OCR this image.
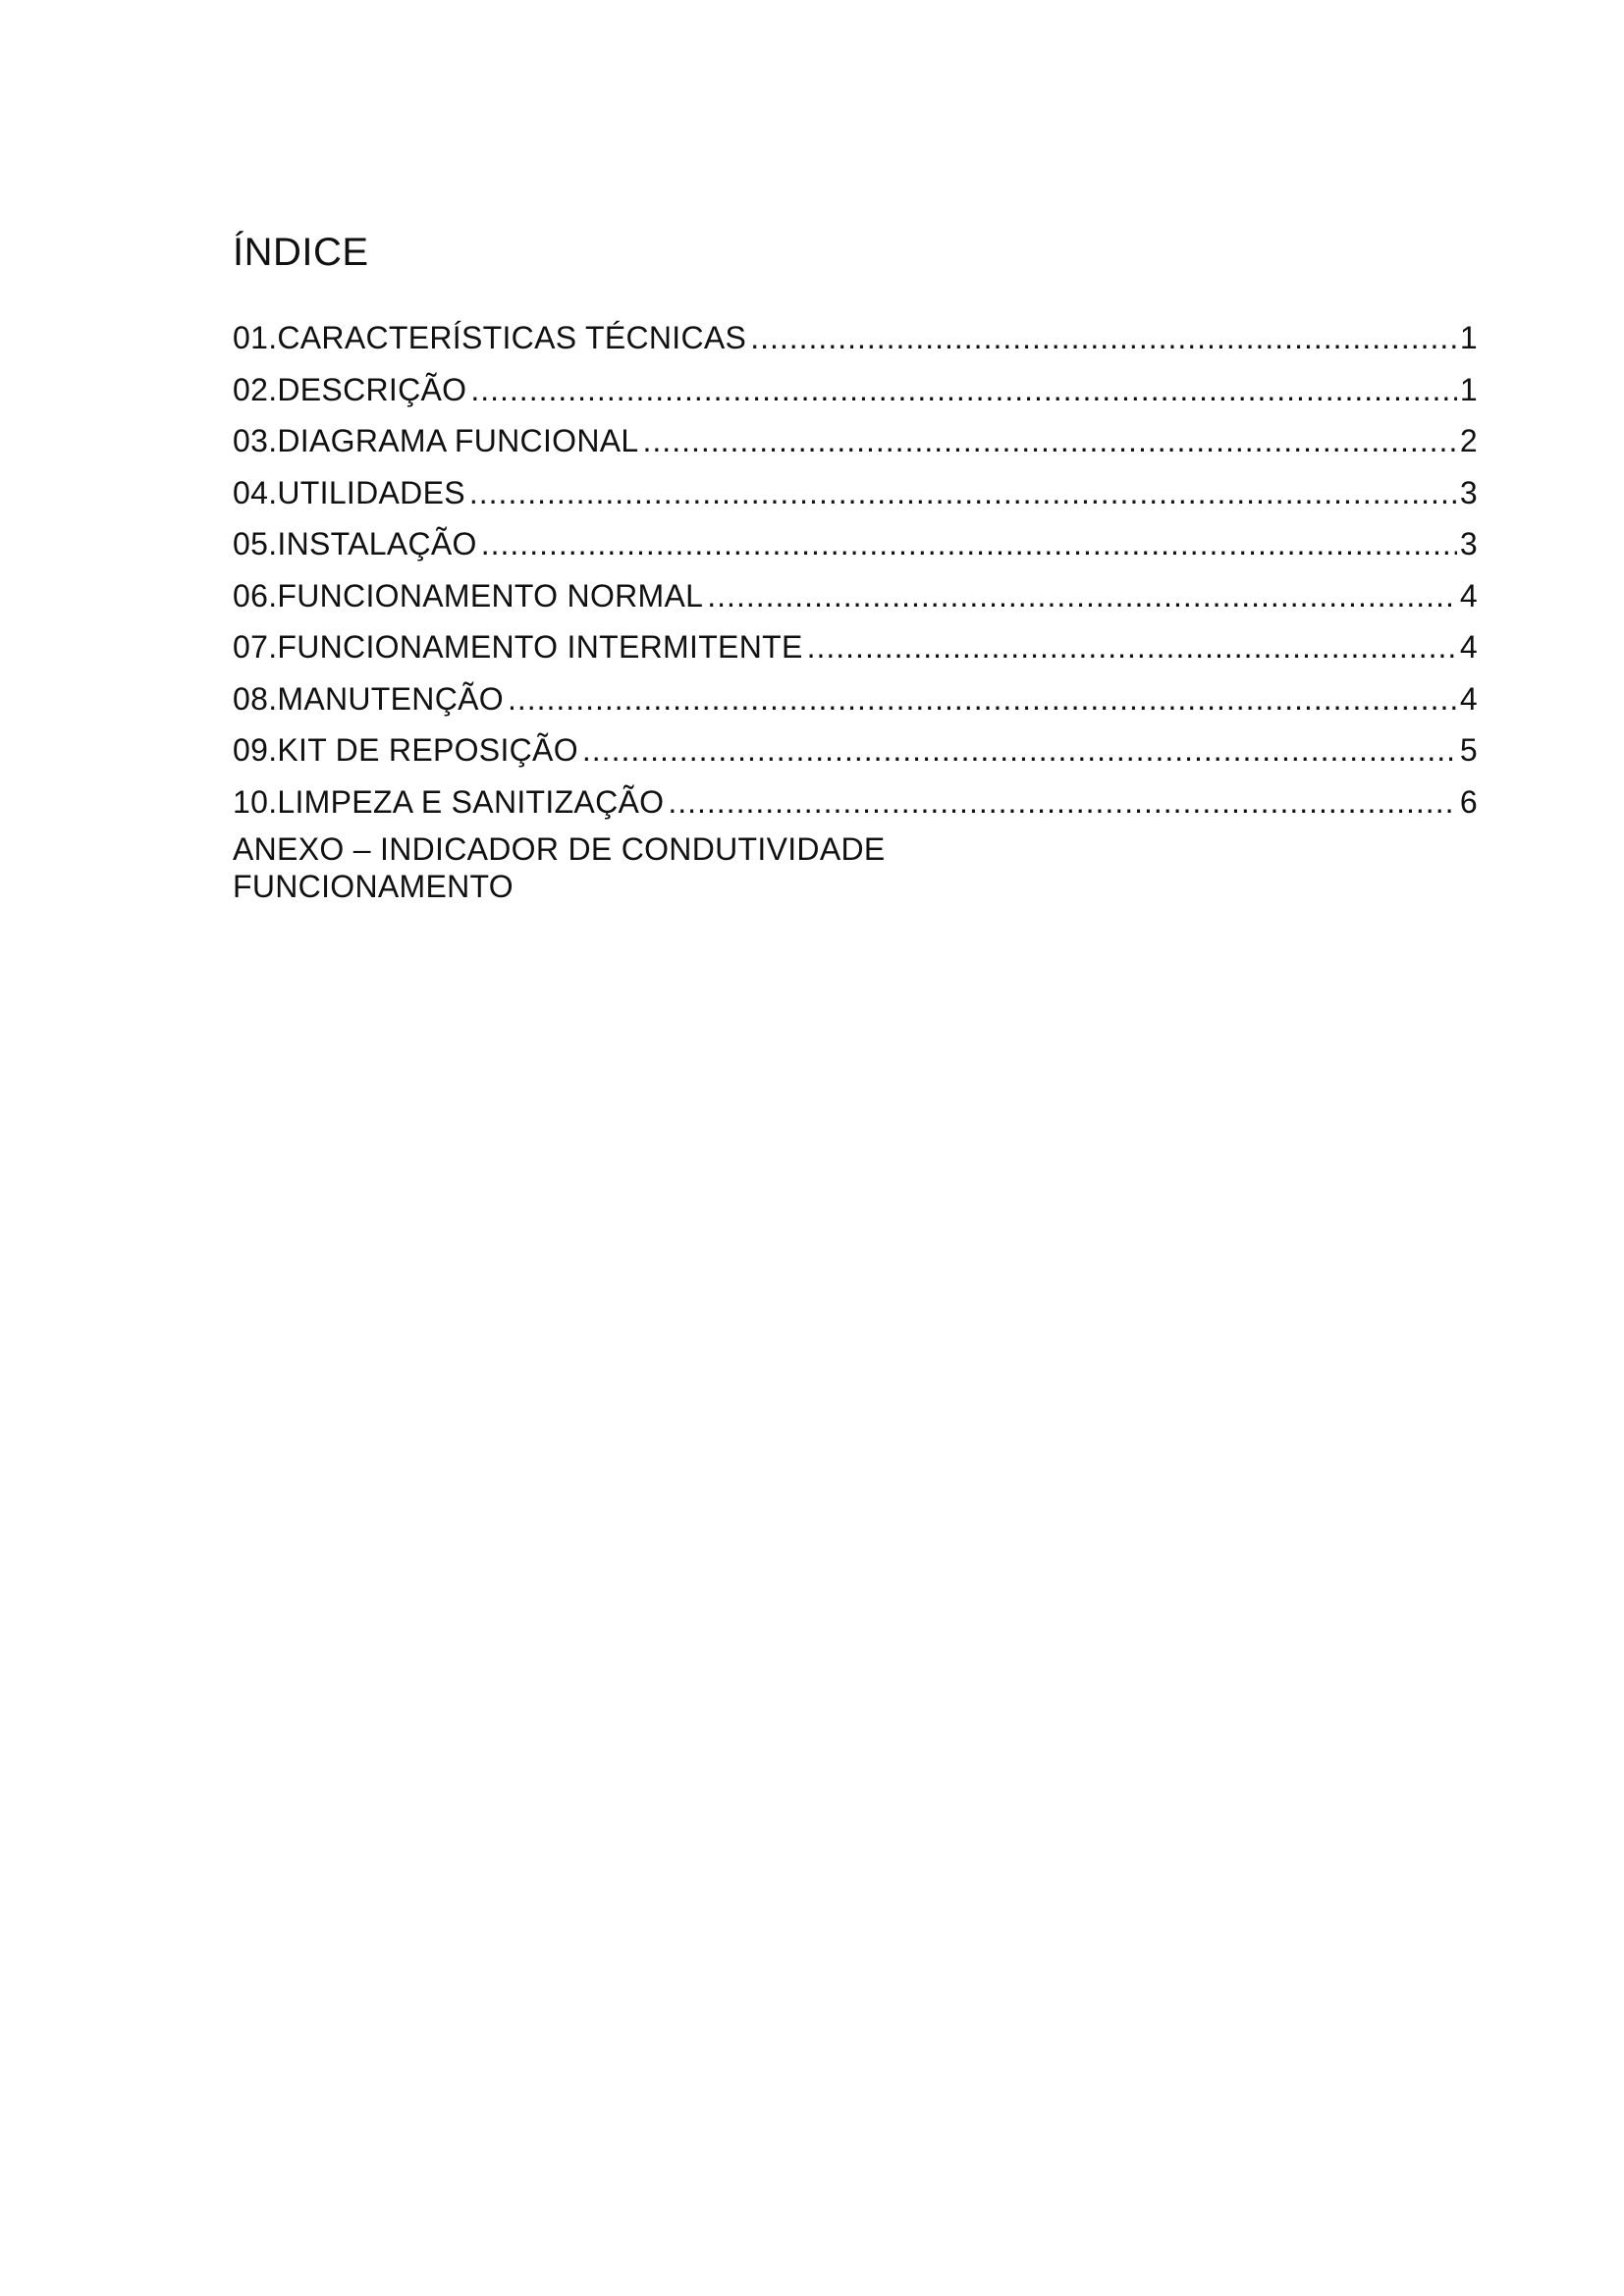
ÍNDICE
01.CARACTERÍSTICAS TÉCNICAS .....	1
02.DESCRIÇÃO .....	1
03.DIAGRAMA FUNCIONAL .....	2
04.UTILIDADES .....	3
05.INSTALAÇÃO .....	3
06.FUNCIONAMENTO NORMAL .....	4
07.FUNCIONAMENTO INTERMITENTE .....	4
08.MANUTENÇÃO .....	4
09.KIT DE REPOSIÇÃO .....	5
10.LIMPEZA E SANITIZAÇÃO .....	6
ANEXO – INDICADOR DE CONDUTIVIDADE
FUNCIONAMENTO
